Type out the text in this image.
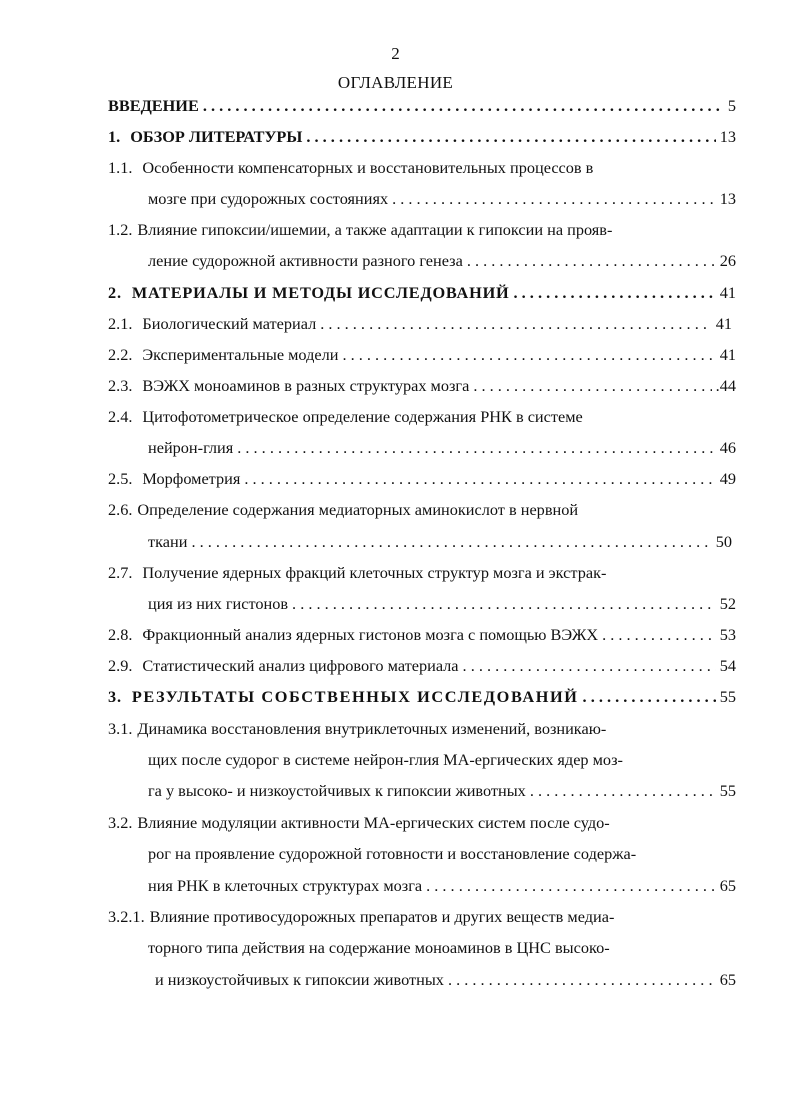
2
ОГЛАВЛЕНИЕ
ВВЕДЕНИЕ . . .	5
1. ОБЗОР ЛИТЕРАТУРЫ . . .	13
1.1. Особенности компенсаторных и восстановительных процессов в
мозге при судорожных состояниях . . .	13
1.2. Влияние гипоксии/ишемии, а также адаптации к гипоксии на прояв-
ление судорожной активности разного генеза . . .	26
2. МАТЕРИАЛЫ И МЕТОДЫ ИССЛЕДОВАНИЙ . . .	41
2.1. Биологический материал . . .	41
2.2. Экспериментальные модели . . .	41
2.3. ВЭЖХ моноаминов в разных структурах мозга . . .	.44
2.4. Цитофотометрическое определение содержания РНК в системе
нейрон-глия . . .	46
2.5. Морфометрия . . .	49
2.6. Определение содержания медиаторных аминокислот в нервной
ткани . . .	50
2.7. Получение ядерных фракций клеточных структур мозга и экстрак-
ция из них гистонов . . .	52
2.8. Фракционный анализ ядерных гистонов мозга с помощью ВЭЖХ . . .	53
2.9. Статистический анализ цифрового материала . . .	54
3. РЕЗУЛЬТАТЫ СОБСТВЕННЫХ ИССЛЕДОВАНИЙ . . .	55
3.1. Динамика восстановления внутриклеточных изменений, возникаю-
щих после судорог в системе нейрон-глия МА-ергических ядер моз-
га у высоко- и низкоустойчивых к гипоксии животных . . .	55
3.2. Влияние модуляции активности МА-ергических систем после судо-
рог на проявление судорожной готовности и восстановление содержа-
ния РНК в клеточных структурах мозга . . .	65
3.2.1. Влияние противосудорожных препаратов и других веществ медиа-
торного типа действия на содержание моноаминов в ЦНС высоко-
и низкоустойчивых к гипоксии животных . . .	65
